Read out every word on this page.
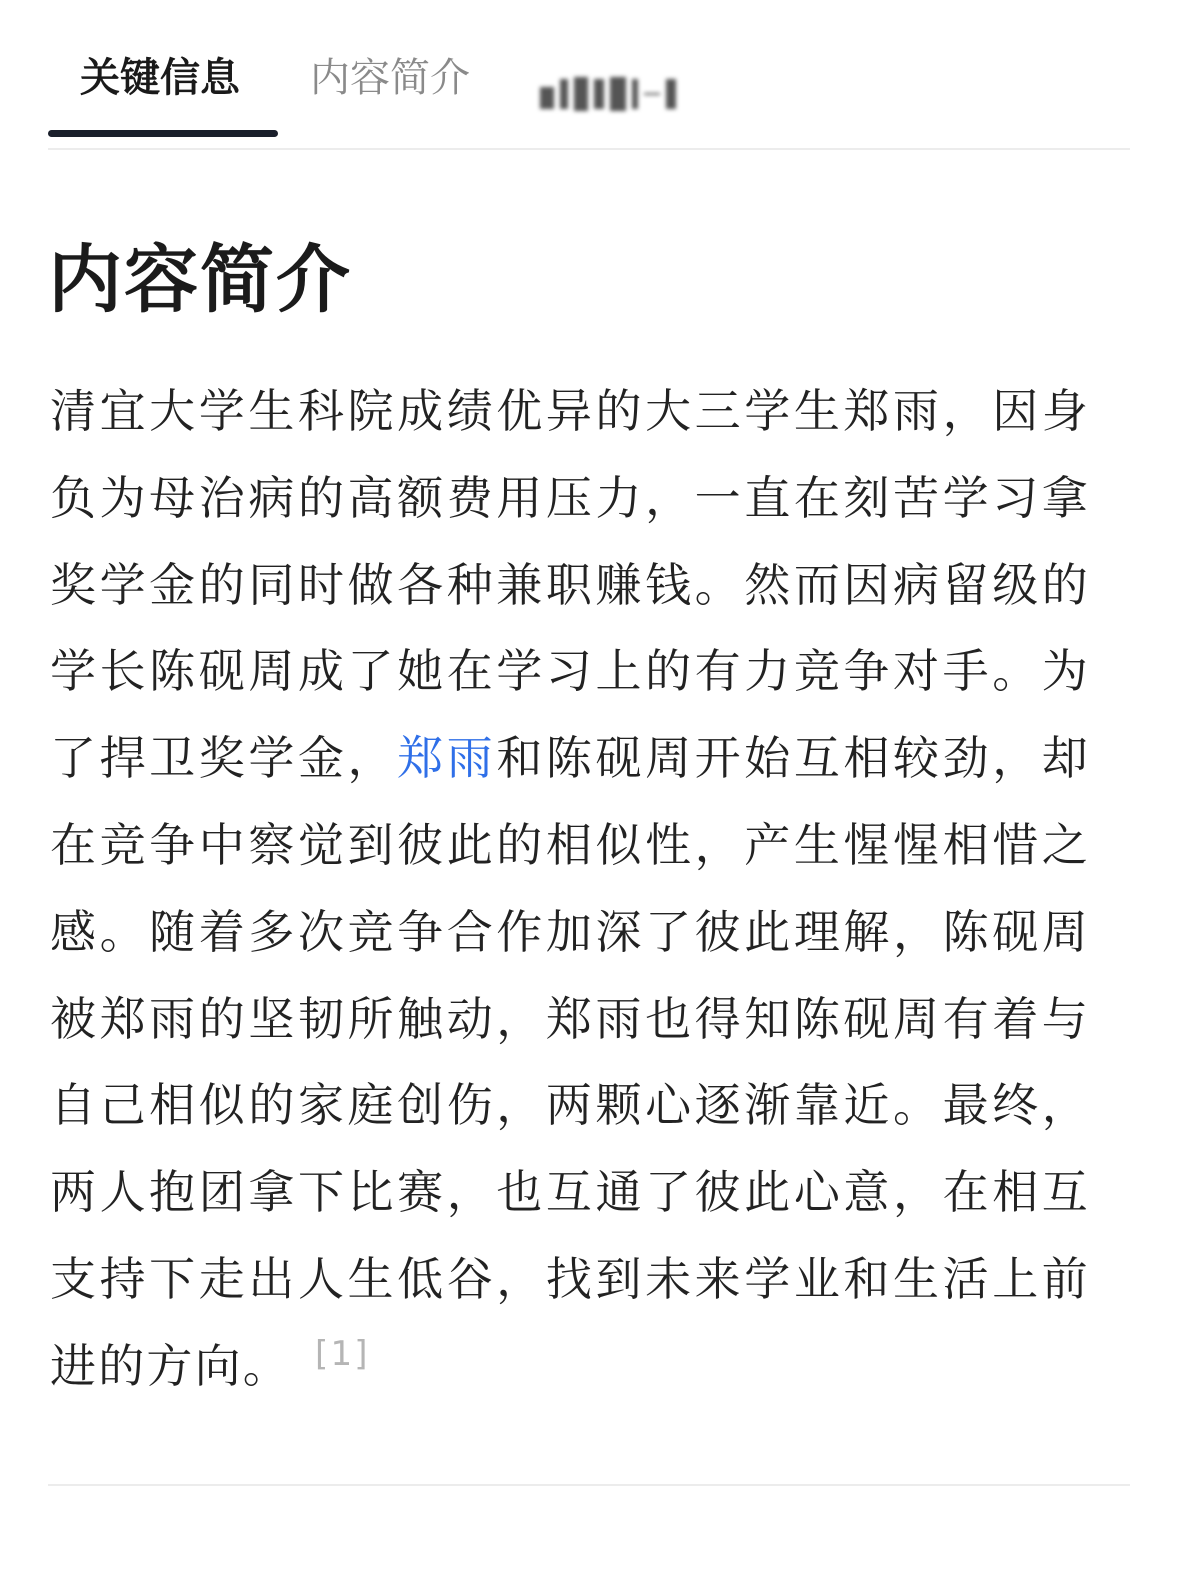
关键信息 内容简介
内容简介

清宜大学生科院成绩优异的大三学生郑雨，因身负为母治病的高额费用压力，一直在刻苦学习拿奖学金的同时做各种兼职赚钱。然而因病留级的学长陈砚周成了她在学习上的有力竞争对手。为了捍卫奖学金，郑雨和陈砚周开始互相较劲，却在竞争中察觉到彼此的相似性，产生惺惺相惜之感。随着多次竞争合作加深了彼此理解，陈砚周被郑雨的坚韧所触动，郑雨也得知陈砚周有着与自己相似的家庭创伤，两颗心逐渐靠近。最终，两人抱团拿下比赛，也互通了彼此心意，在相互支持下走出人生低谷，找到未来学业和生活上前进的方向。 [1]
